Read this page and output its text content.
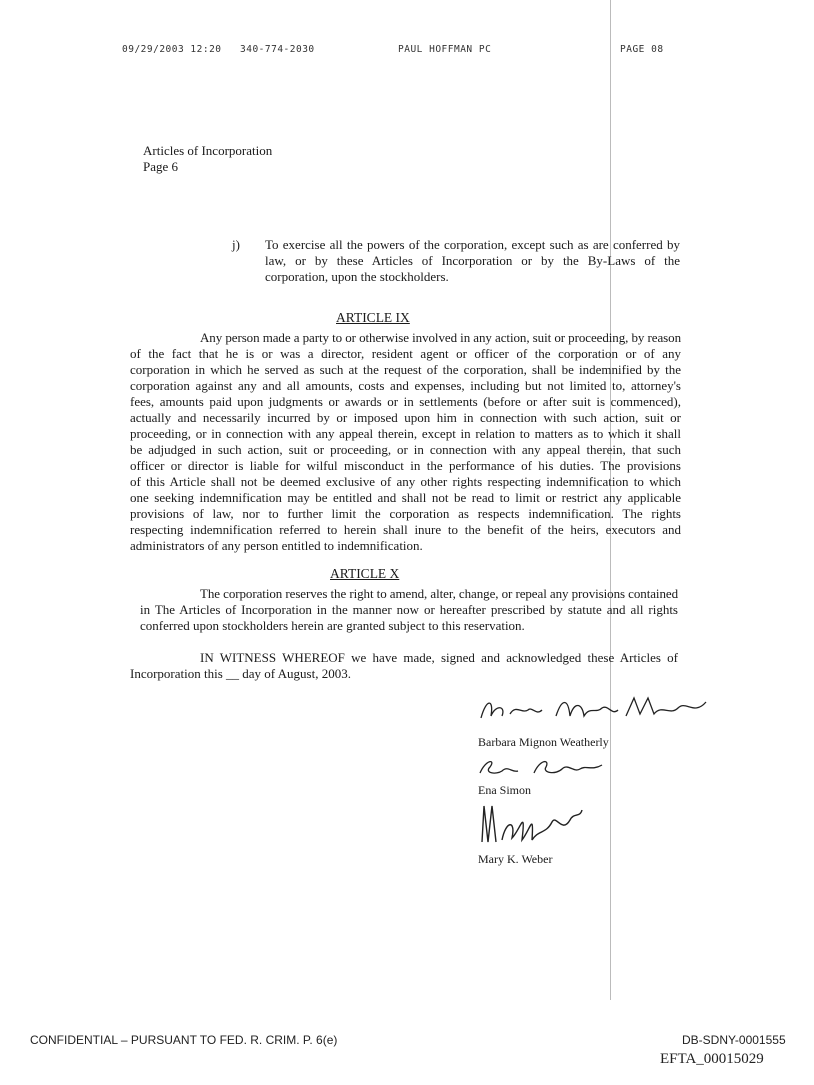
09/29/2003 12:20 340-774-2030	PAUL HOFFMAN PC	PAGE 08
Articles of Incorporation
Page 6
j) To exercise all the powers of the corporation, except such as are conferred by
law, or by these Articles of Incorporation or by the By-Laws of the
corporation, upon the stockholders.
ARTICLE IX
Any person made a party to or otherwise involved in any action, suit or proceeding, by reason
of the fact that he is or was a director, resident agent or officer of the corporation or of any
corporation in which he served as such at the request of the corporation, shall be indemnified by the
corporation against any and all amounts, costs and expenses, including but not limited to, attorney's
fees, amounts paid upon judgments or awards or in settlements (before or after suit is commenced),
actually and necessarily incurred by or imposed upon him in connection with such action, suit or
proceeding, or in connection with any appeal therein, except in relation to matters as to which it shall
be adjudged in such action, suit or proceeding, or in connection with any appeal therein, that such
officer or director is liable for wilful misconduct in the performance of his duties. The provisions
of this Article shall not be deemed exclusive of any other rights respecting indemnification to which
one seeking indemnification may be entitled and shall not be read to limit or restrict any applicable
provisions of law, nor to further limit the corporation as respects indemnification. The rights
respecting indemnification referred to herein shall inure to the benefit of the heirs, executors and
administrators of any person entitled to indemnification.
ARTICLE X
The corporation reserves the right to amend, alter, change, or repeal any provisions contained
in The Articles of Incorporation in the manner now or hereafter prescribed by statute and all rights
conferred upon stockholders herein are granted subject to this reservation.
IN WITNESS WHEREOF we have made, signed and acknowledged these Articles of
Incorporation this __ day of August, 2003.
Barbara Mignon Weatherly
Ena Simon
Mary K. Weber
CONFIDENTIAL – PURSUANT TO FED. R. CRIM. P. 6(e)	DB-SDNY-0001555
EFTA_00015029
